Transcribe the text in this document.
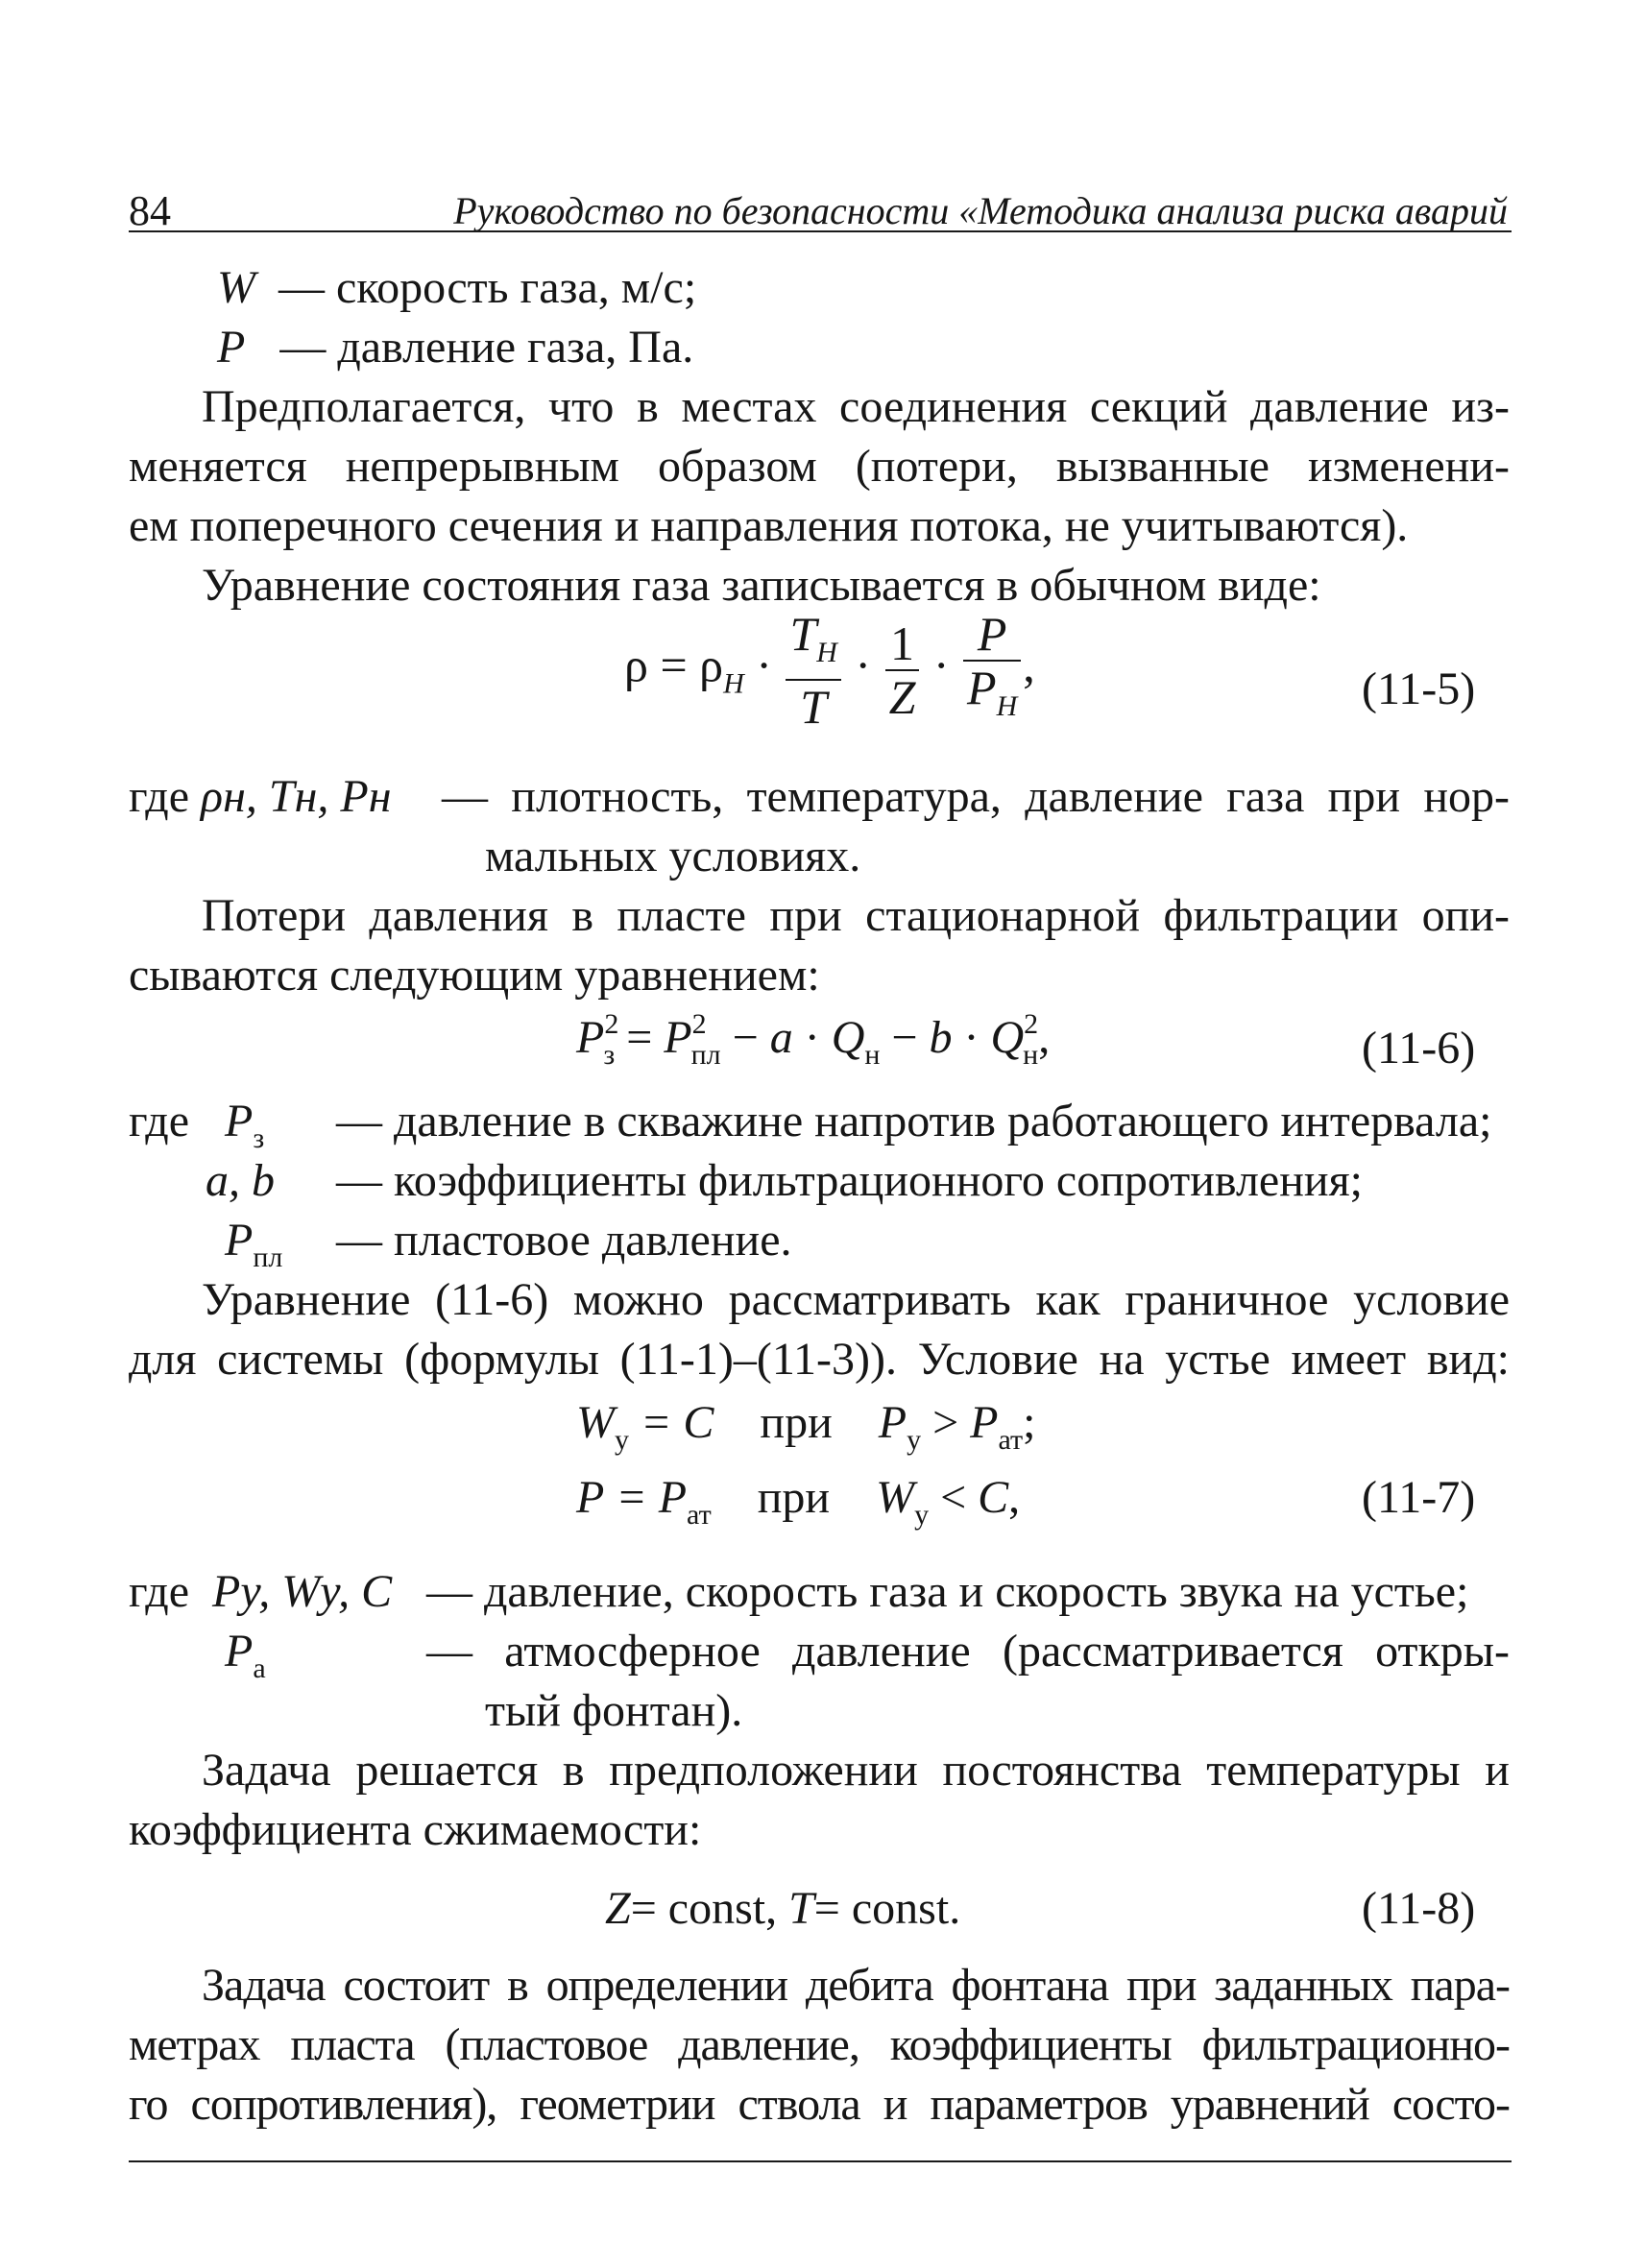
84	Руководство по безопасности «Методика анализа риска аварий
W — скорость газа, м/с;
P — давление газа, Па.
Предполагается, что в местах соединения секций давление из-
меняется непрерывным образом (потери, вызванные изменени-
ем поперечного сечения и направления потока, не учитываются).
Уравнение состояния газа записывается в обычном виде:
$\rho = \rho_H \cdot \frac{T_H}{T} \cdot \frac{1}{Z} \cdot \frac{P}{P_H}$ ,	(11-5)
где ρн, Тн, Рн — плотность, температура, давление газа при нор-
мальных условиях.
Потери давления в пласте при стационарной фильтрации опи-
сываются следующим уравнением:
$P^2_з = P^2_{пл} - a \cdot Q_н - b \cdot Q^2_н$,	(11-6)
где $P_з$ — давление в скважине напротив работающего интервала;
a, b — коэффициенты фильтрационного сопротивления;
$P_{пл}$ — пластовое давление.
Уравнение (11-6) можно рассматривать как граничное условие
для системы (формулы (11-1)–(11-3)). Условие на устье имеет вид:
$W_у = C$ при $P_у > P_{ат}$;
$P = P_{ат}$ при $W_у < C$,	(11-7)
где Ру, Wу, C — давление, скорость газа и скорость звука на устье;
$Р_а$	— атмосферное давление (рассматривается откры-
тый фонтан).
Задача решается в предположении постоянства температуры и
коэффициента сжимаемости:
Z= const, T= const.	(11-8)
Задача состоит в определении дебита фонтана при заданных пара-
метрах пласта (пластовое давление, коэффициенты фильтрационно-
го сопротивления), геометрии ствола и параметров уравнений состо-
